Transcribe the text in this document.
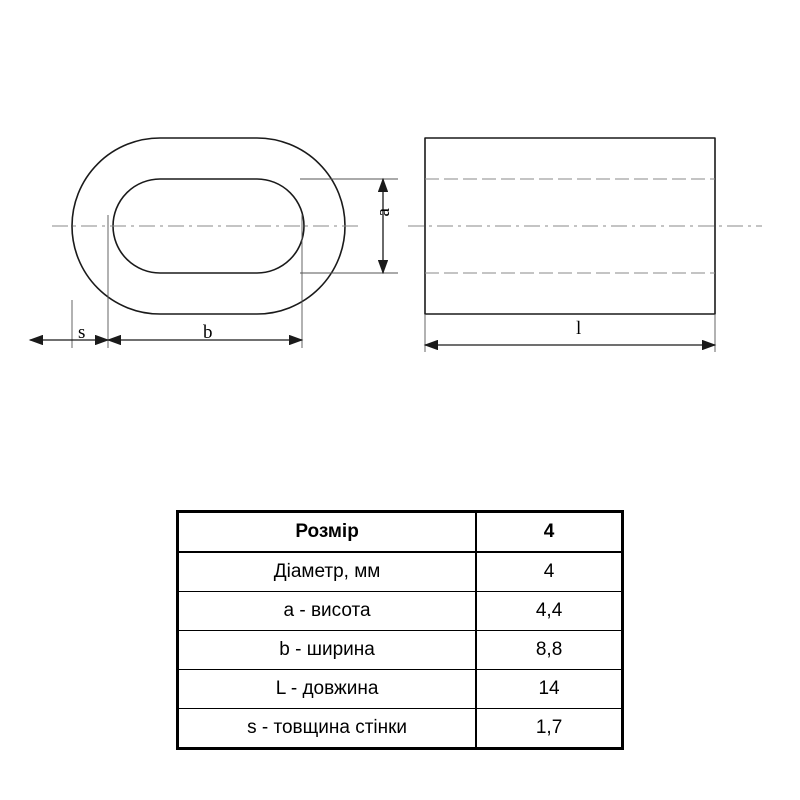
a
b
s	l
Розмір	4
Діаметр, мм	4
a - висота	4,4
b - ширина	8,8
L - довжина	14
s - товщина стінки	1,7
